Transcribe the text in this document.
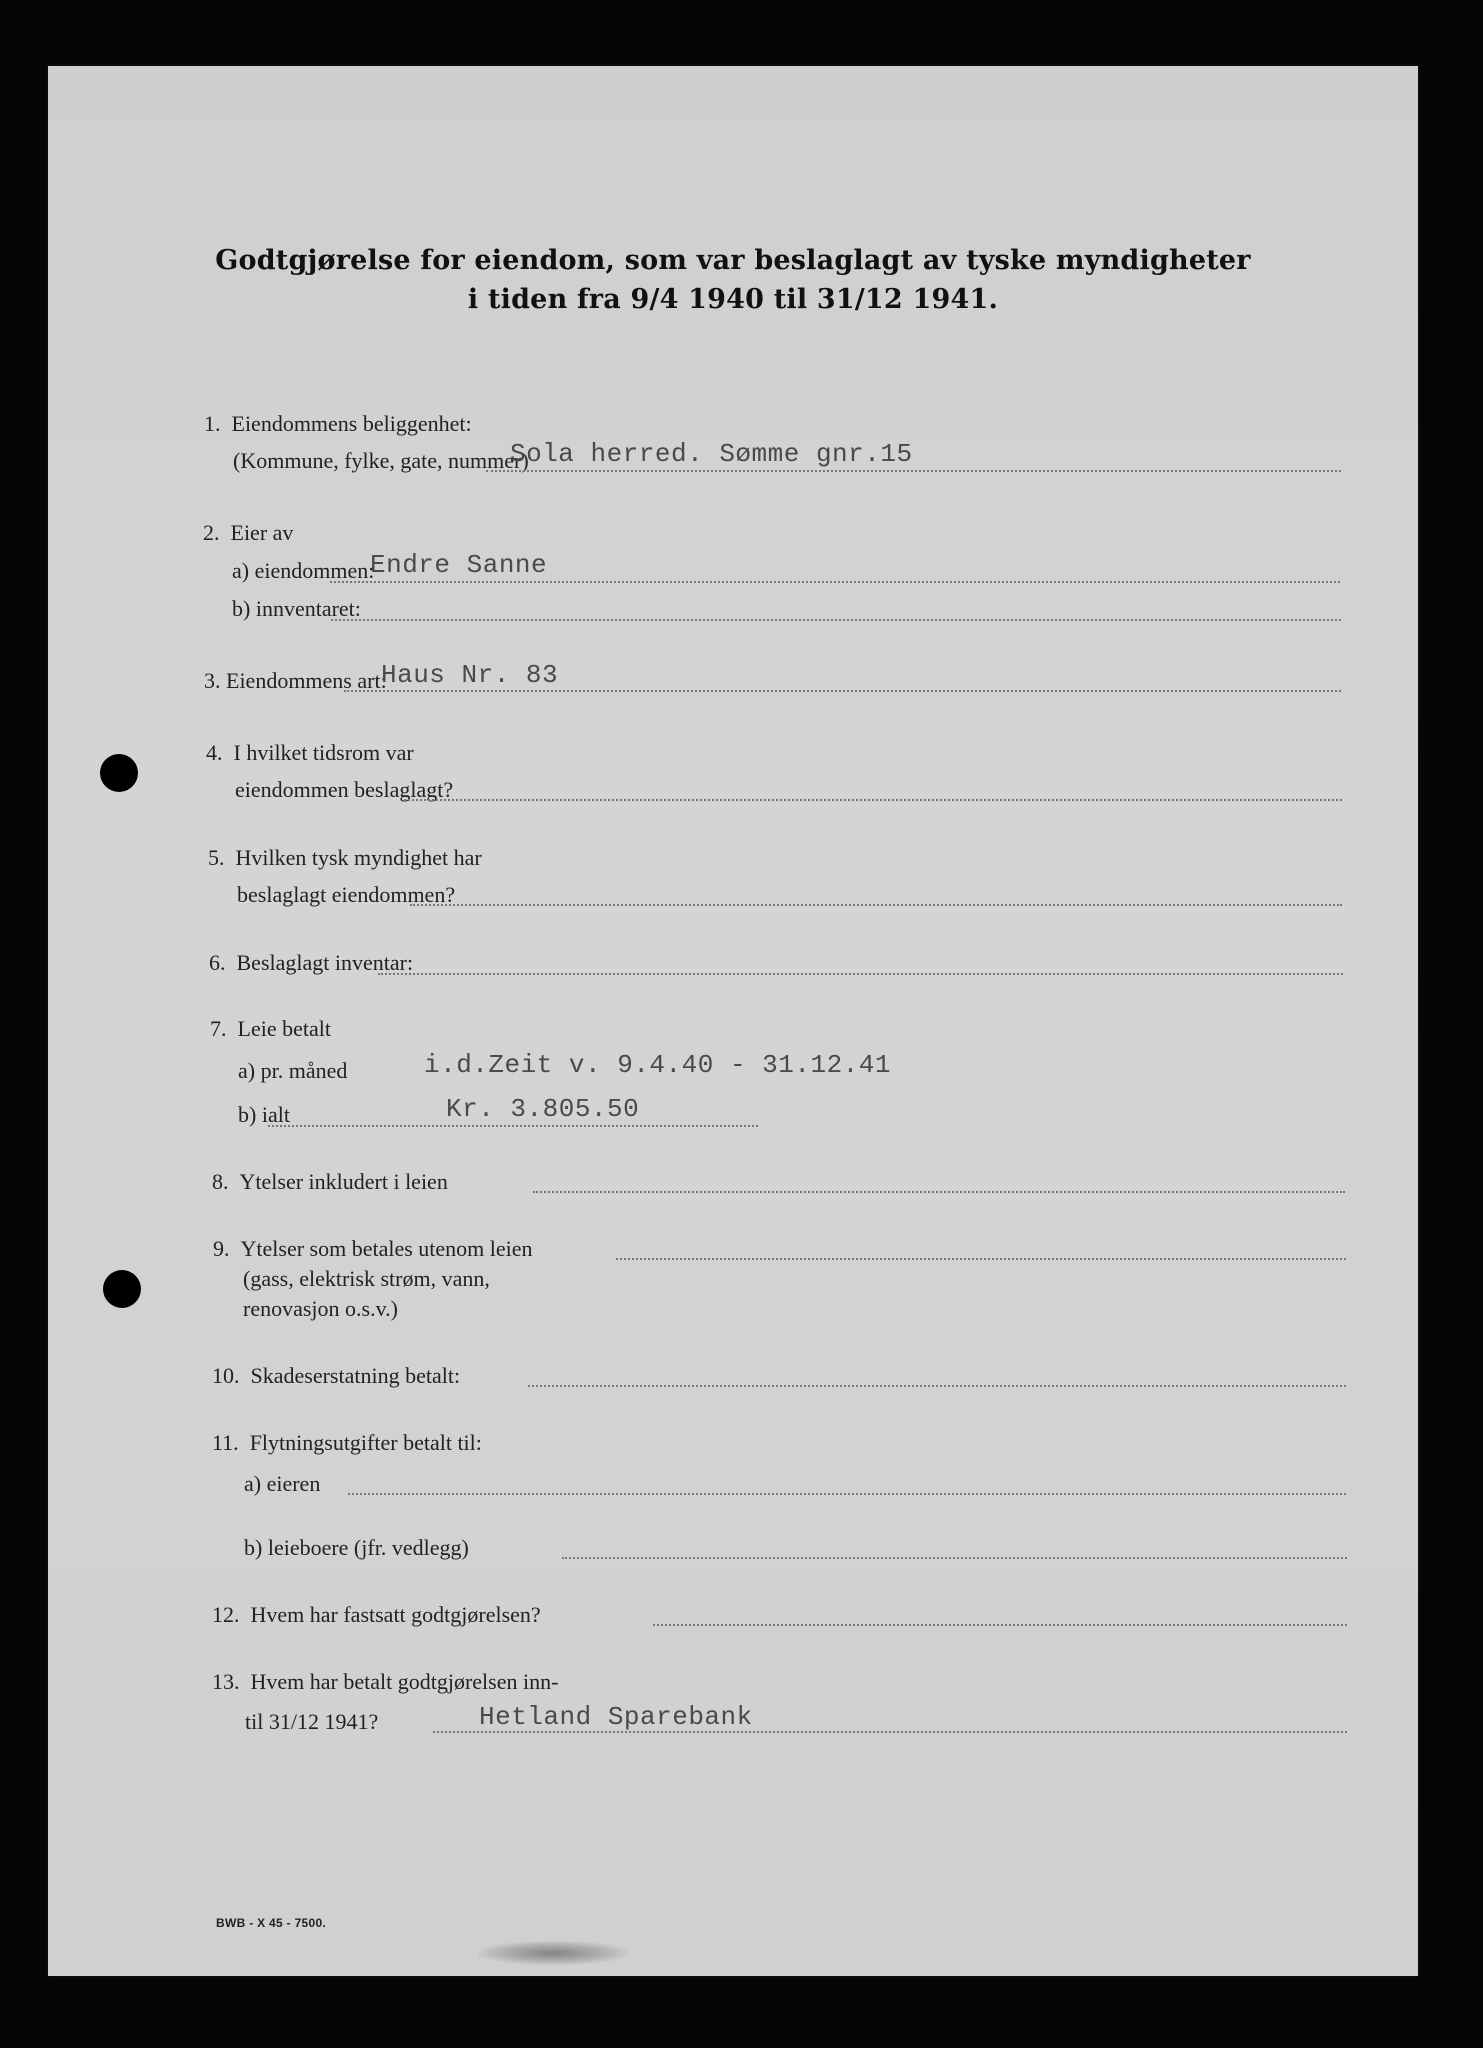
Godtgjørelse for eiendom, som var beslaglagt av tyske myndigheter
i tiden fra 9/4 1940 til 31/12 1941.
1. Eiendommens beliggenhet:
(Kommune, fylke, gate, nummer)
Sola herred. Sømme gnr.15
2. Eier av
a) eiendommen:
Endre Sanne
b) innventaret:
3. Eiendommens art:
Haus Nr. 83
4. I hvilket tidsrom var
eiendommen beslaglagt?
5. Hvilken tysk myndighet har
beslaglagt eiendommen?
6. Beslaglagt inventar:
7. Leie betalt
a) pr. måned	i.d.Zeit v. 9.4.40 - 31.12.41
b) ialt	Kr. 3.805.50
8. Ytelser inkludert i leien
9. Ytelser som betales utenom leien
(gass, elektrisk strøm, vann,
renovasjon o.s.v.)
10. Skadeserstatning betalt:
11. Flytningsutgifter betalt til:
a) eieren
b) leieboere (jfr. vedlegg)
12. Hvem har fastsatt godtgjørelsen?
13. Hvem har betalt godtgjørelsen inn-
til 31/12 1941?	Hetland Sparebank
BWB - X 45 - 7500.
